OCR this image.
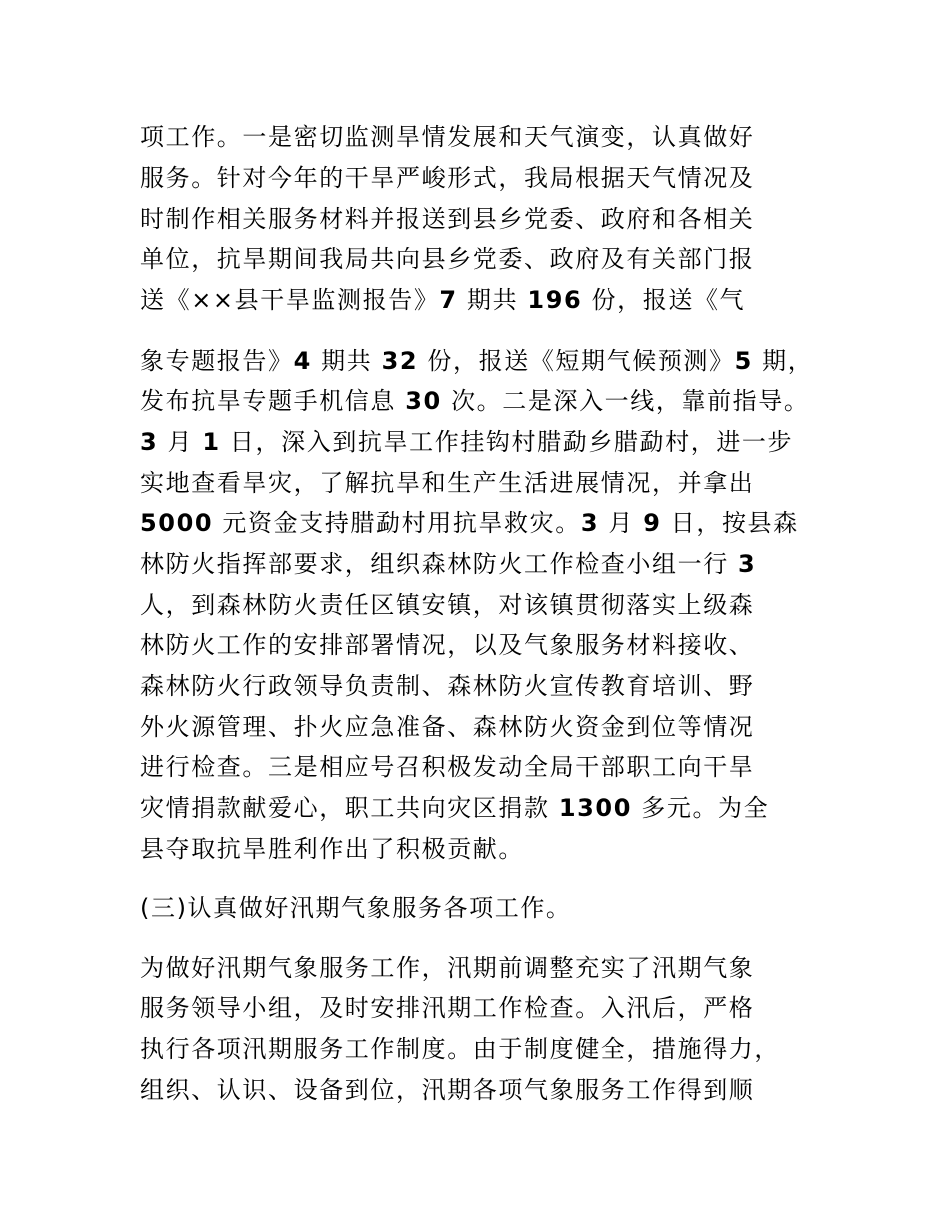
项工作。一是密切监测旱情发展和天气演变，认真做好
服务。针对今年的干旱严峻形式，我局根据天气情况及
时制作相关服务材料并报送到县乡党委、政府和各相关
单位，抗旱期间我局共向县乡党委、政府及有关部门报
送《××县干旱监测报告》7 期共 196 份，报送《气
象专题报告》4 期共 32 份，报送《短期气候预测》5 期，
发布抗旱专题手机信息 30 次。二是深入一线，靠前指导。
3 月 1 日，深入到抗旱工作挂钩村腊勐乡腊勐村，进一步
实地查看旱灾，了解抗旱和生产生活进展情况，并拿出
5000 元资金支持腊勐村用抗旱救灾。3 月 9 日，按县森
林防火指挥部要求，组织森林防火工作检查小组一行 3
人，到森林防火责任区镇安镇，对该镇贯彻落实上级森
林防火工作的安排部署情况，以及气象服务材料接收、
森林防火行政领导负责制、森林防火宣传教育培训、野
外火源管理、扑火应急准备、森林防火资金到位等情况
进行检查。三是相应号召积极发动全局干部职工向干旱
灾情捐款献爱心，职工共向灾区捐款 1300 多元。为全
县夺取抗旱胜利作出了积极贡献。
(三)认真做好汛期气象服务各项工作。
为做好汛期气象服务工作，汛期前调整充实了汛期气象
服务领导小组，及时安排汛期工作检查。入汛后，严格
执行各项汛期服务工作制度。由于制度健全，措施得力，
组织、认识、设备到位，汛期各项气象服务工作得到顺
